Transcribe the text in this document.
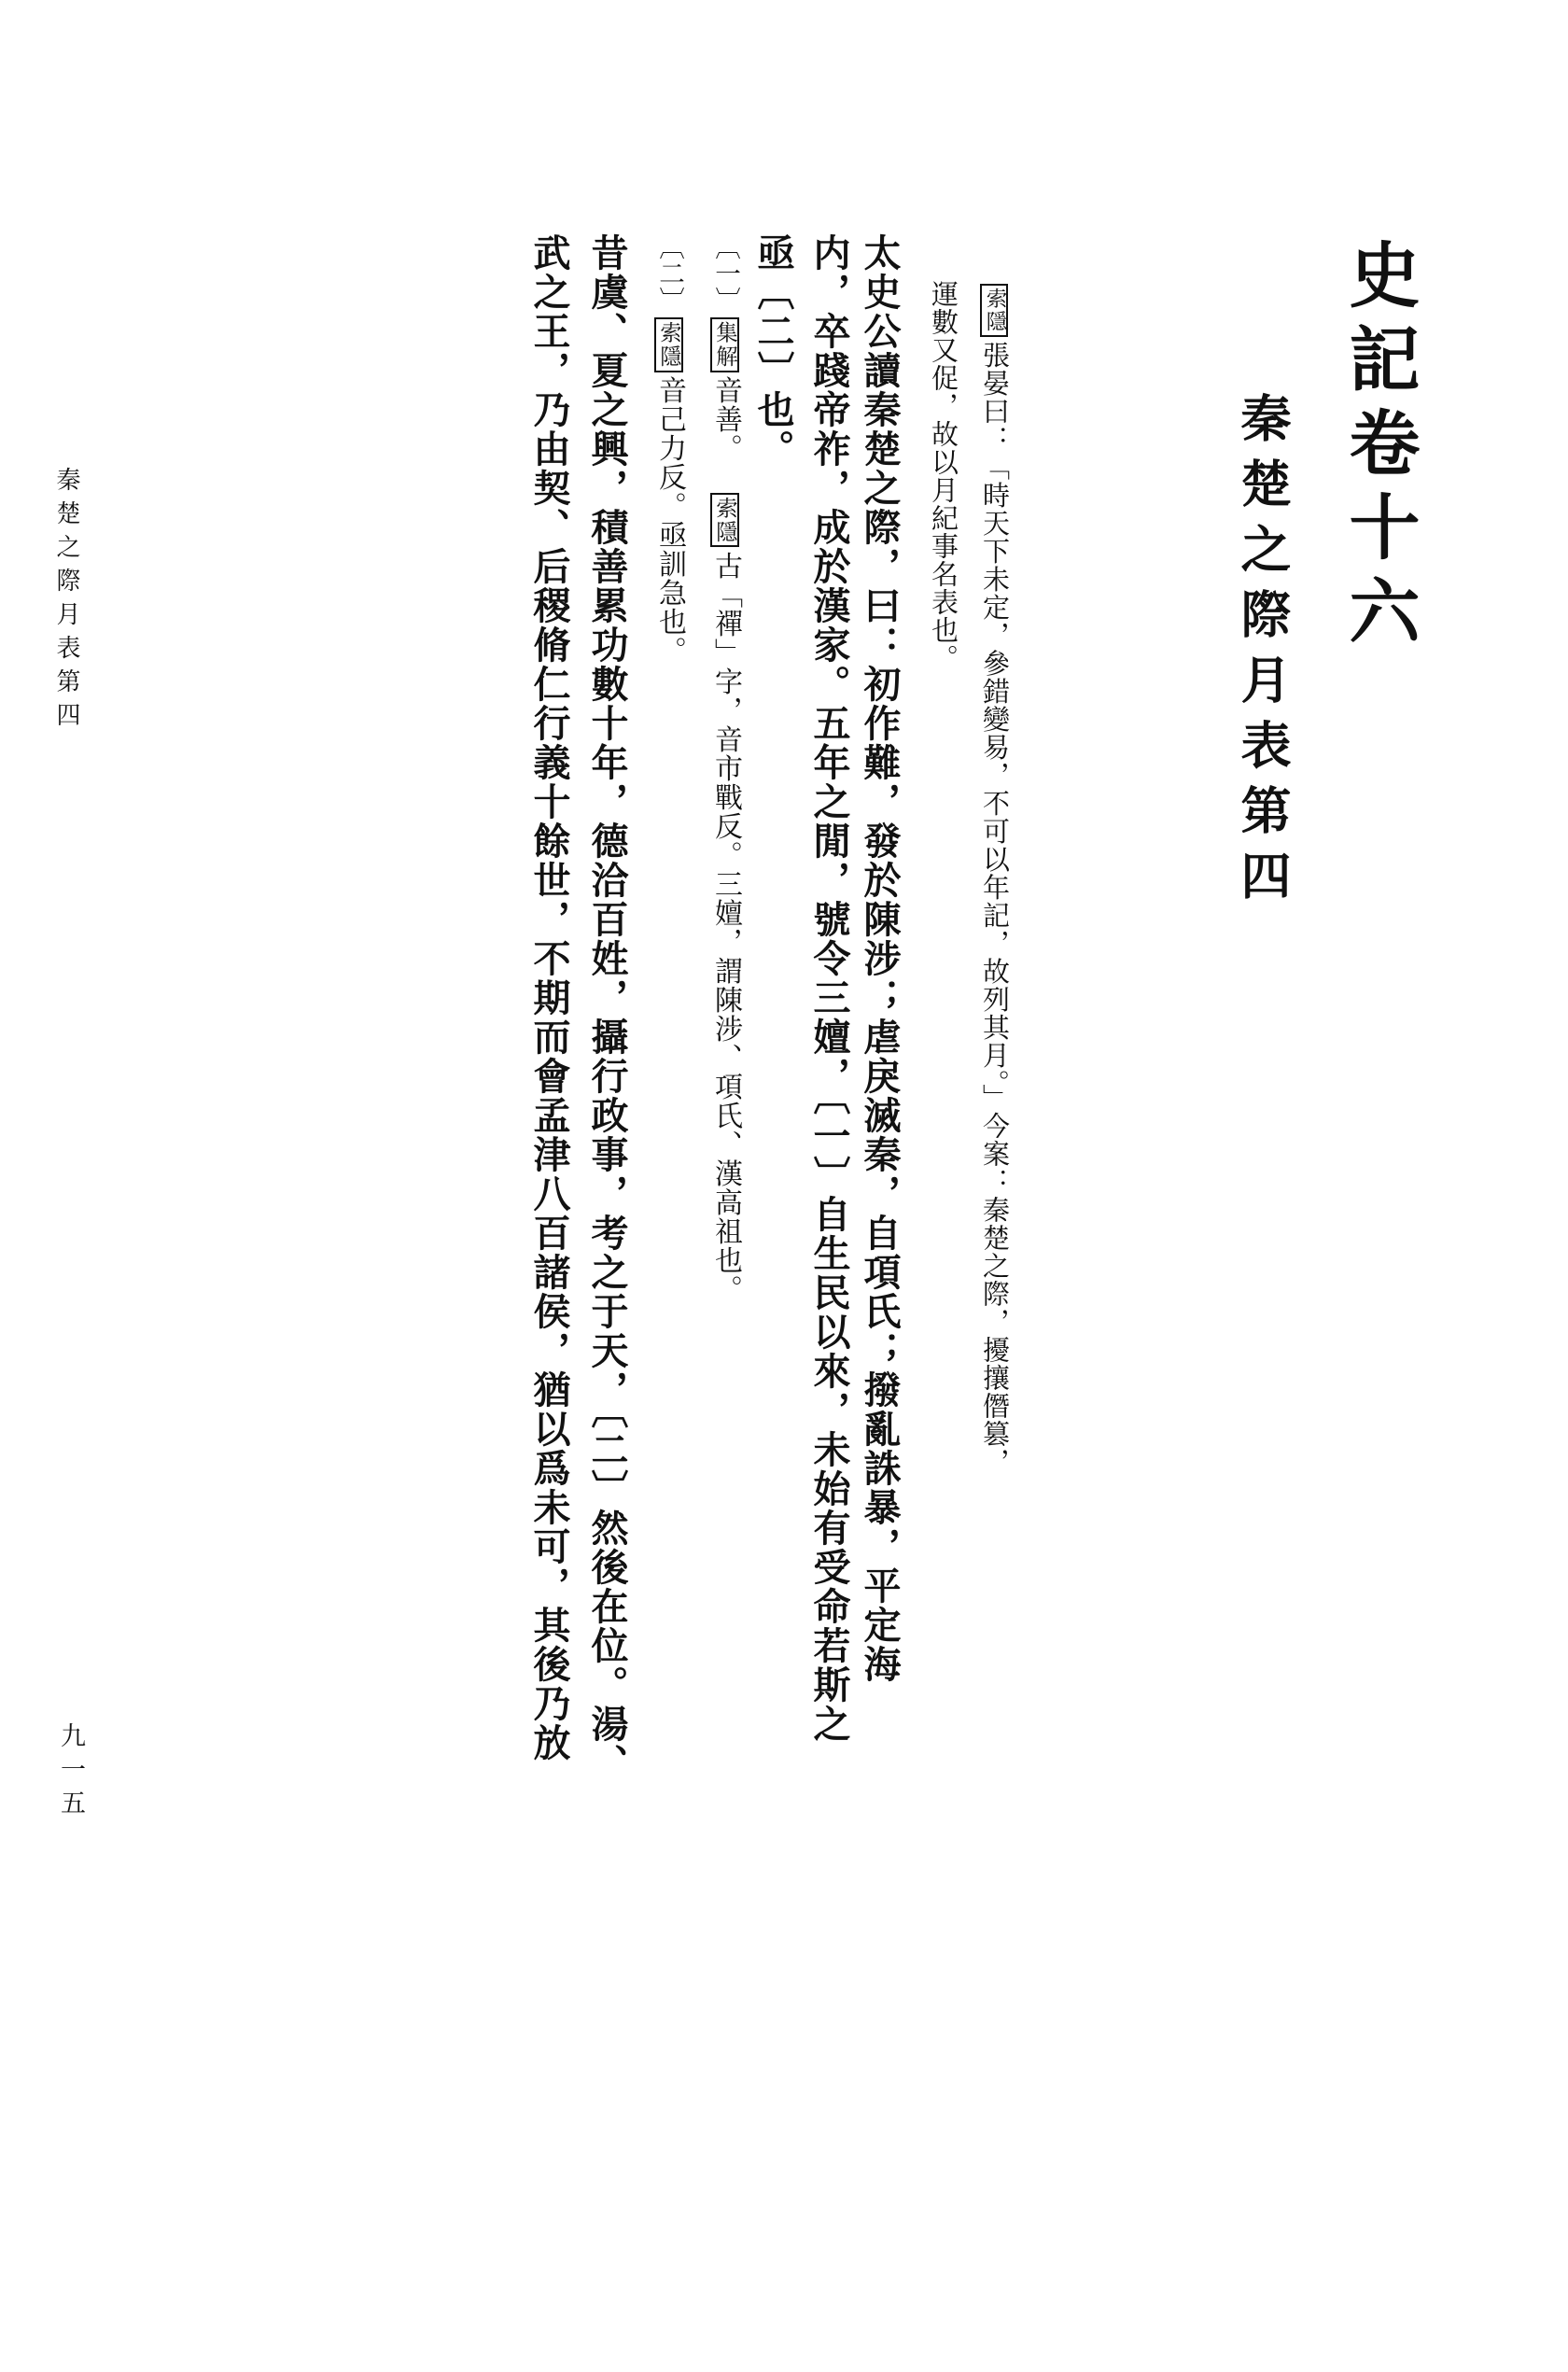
史記卷十六
秦楚之際月表第四
秦楚之際月表第四
九一五
索隱張晏曰：「時天下未定，參錯變易，不可以年記，故列其月。」今案：秦楚之際，擾攘僭篡，
運數又促，故以月紀事名表也。
太史公讀秦楚之際，曰：初作難，發於陳涉；虐戾滅秦，自項氏；撥亂誅暴，平定海
内，卒踐帝祚，成於漢家。五年之閒，號令三嬗，〔一〕自生民以來，未始有受命若斯之
亟〔二〕也。
〔一〕集解音善。索隱古「禪」字，音市戰反。三嬗，謂陳涉、項氏、漢高祖也。
〔二〕索隱音己力反。亟訓急也。
昔虞、夏之興，積善累功數十年，德洽百姓，攝行政事，考之于天，〔二〕然後在位。湯、
武之王，乃由契、后稷脩仁行義十餘世，不期而會孟津八百諸侯，猶以爲未可，其後乃放
